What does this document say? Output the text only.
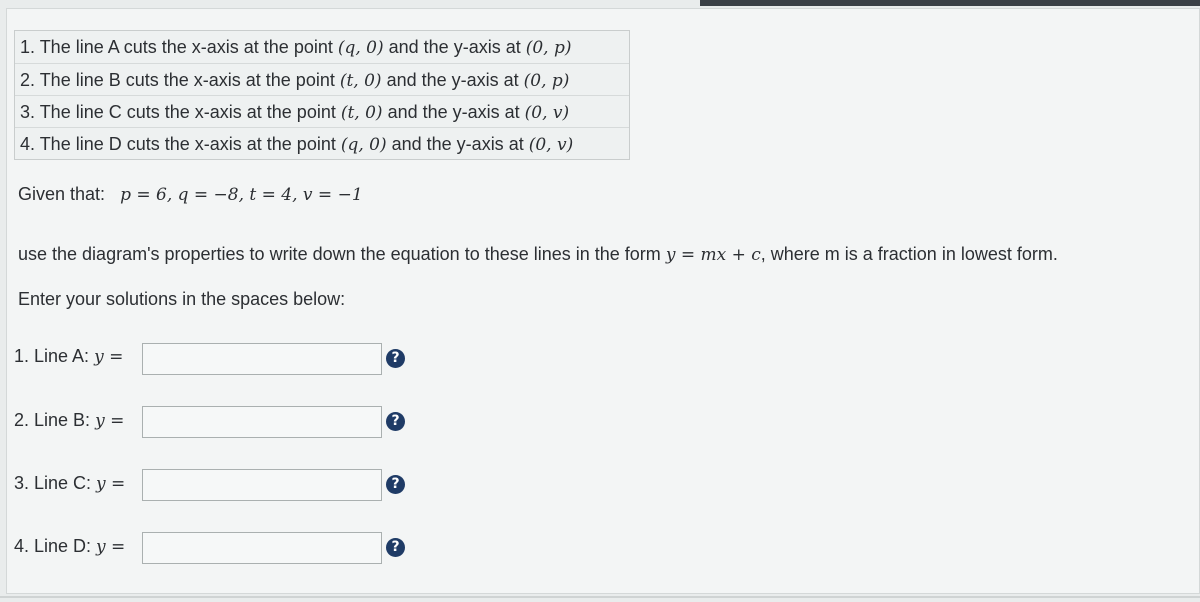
1. The line A cuts the x-axis at the point (q, 0) and the y-axis at (0, p)
2. The line B cuts the x-axis at the point (t, 0) and the y-axis at (0, p)
3. The line C cuts the x-axis at the point (t, 0) and the y-axis at (0, v)
4. The line D cuts the x-axis at the point (q, 0) and the y-axis at (0, v)
Given that: p = 6, q = −8, t = 4, v = −1
use the diagram's properties to write down the equation to these lines in the form y = mx + c, where m is a fraction in lowest form.
Enter your solutions in the spaces below:
1. Line A: y =	?
2. Line B: y =	?
3. Line C: y =	?
4. Line D: y =	?
